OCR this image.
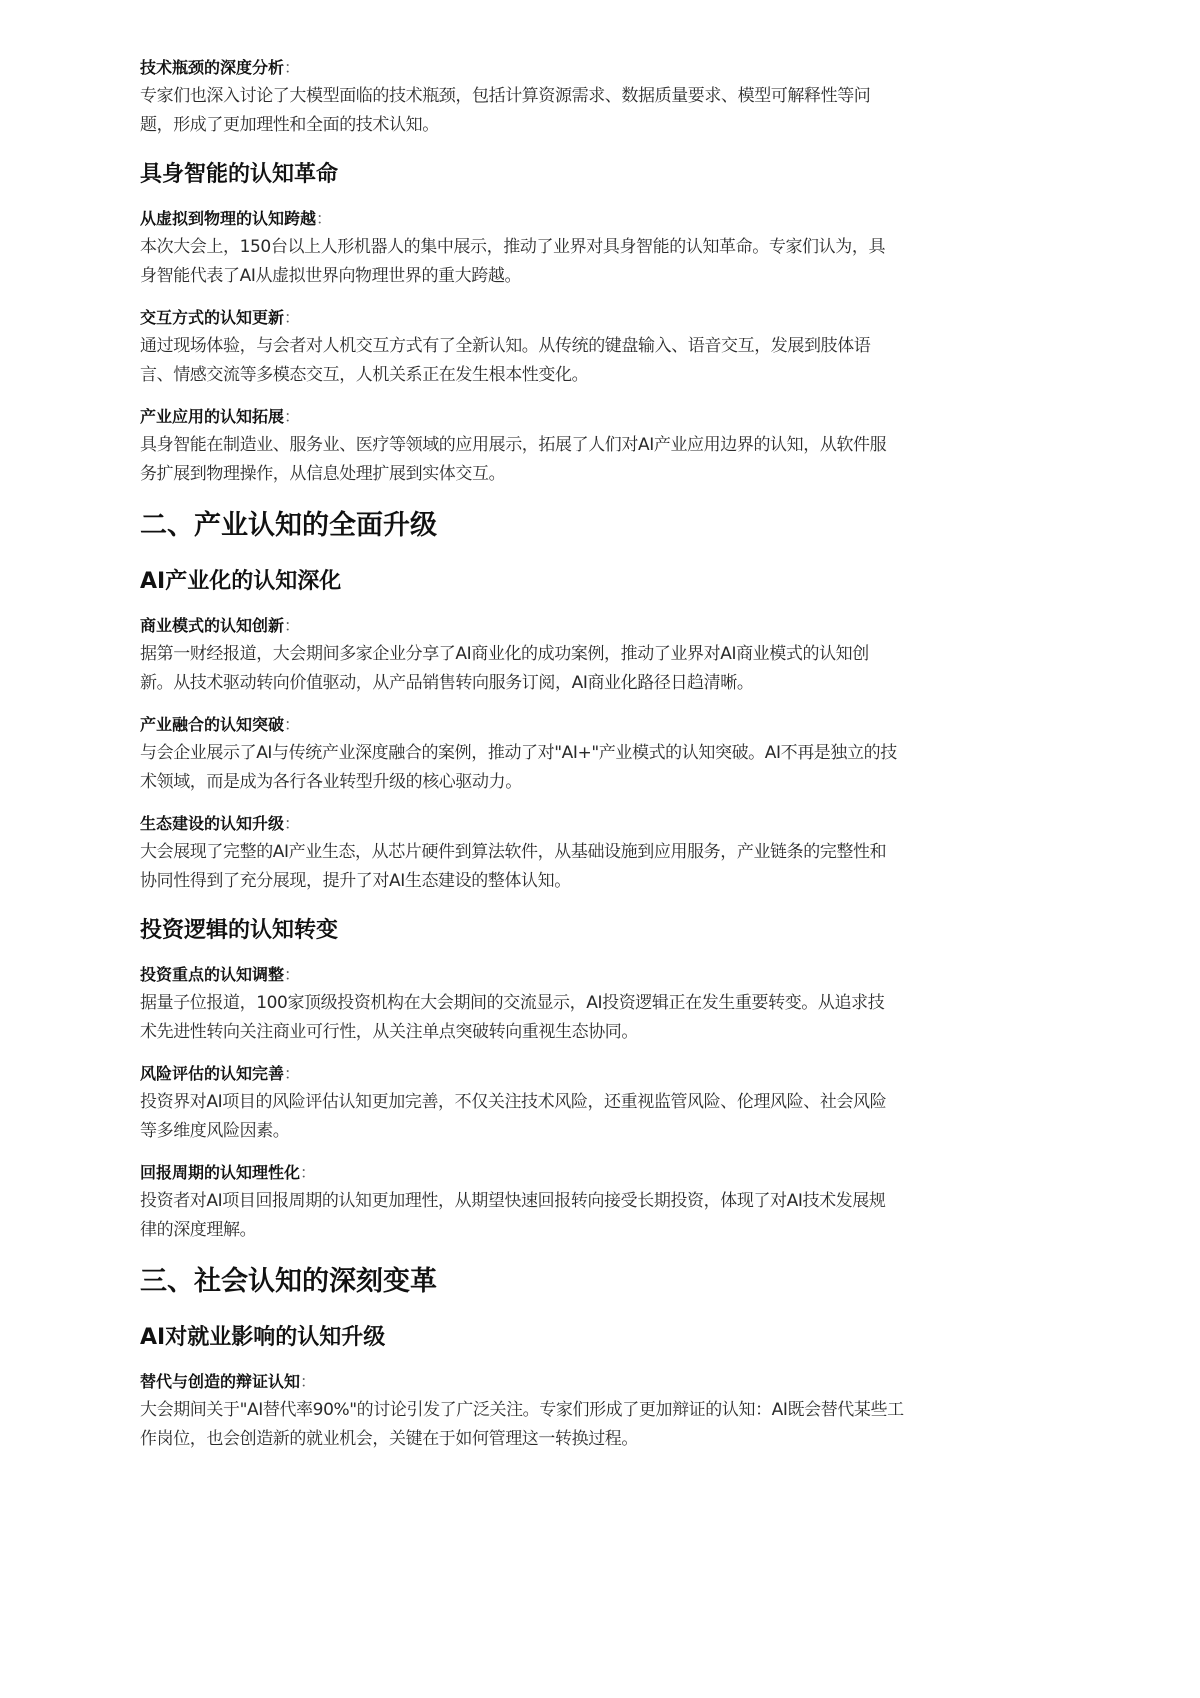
技术瓶颈的深度分析：
专家们也深入讨论了大模型面临的技术瓶颈，包括计算资源需求、数据质量要求、模型可解释性等问
题，形成了更加理性和全面的技术认知。
具身智能的认知革命
从虚拟到物理的认知跨越：
本次大会上，150台以上人形机器人的集中展示，推动了业界对具身智能的认知革命。专家们认为，具
身智能代表了AI从虚拟世界向物理世界的重大跨越。
交互方式的认知更新：
通过现场体验，与会者对人机交互方式有了全新认知。从传统的键盘输入、语音交互，发展到肢体语
言、情感交流等多模态交互，人机关系正在发生根本性变化。
产业应用的认知拓展：
具身智能在制造业、服务业、医疗等领域的应用展示，拓展了人们对AI产业应用边界的认知，从软件服
务扩展到物理操作，从信息处理扩展到实体交互。
二、产业认知的全面升级
AI产业化的认知深化
商业模式的认知创新：
据第一财经报道，大会期间多家企业分享了AI商业化的成功案例，推动了业界对AI商业模式的认知创
新。从技术驱动转向价值驱动，从产品销售转向服务订阅，AI商业化路径日趋清晰。
产业融合的认知突破：
与会企业展示了AI与传统产业深度融合的案例，推动了对"AI+"产业模式的认知突破。AI不再是独立的技
术领域，而是成为各行各业转型升级的核心驱动力。
生态建设的认知升级：
大会展现了完整的AI产业生态，从芯片硬件到算法软件，从基础设施到应用服务，产业链条的完整性和
协同性得到了充分展现，提升了对AI生态建设的整体认知。
投资逻辑的认知转变
投资重点的认知调整：
据量子位报道，100家顶级投资机构在大会期间的交流显示，AI投资逻辑正在发生重要转变。从追求技
术先进性转向关注商业可行性，从关注单点突破转向重视生态协同。
风险评估的认知完善：
投资界对AI项目的风险评估认知更加完善，不仅关注技术风险，还重视监管风险、伦理风险、社会风险
等多维度风险因素。
回报周期的认知理性化：
投资者对AI项目回报周期的认知更加理性，从期望快速回报转向接受长期投资，体现了对AI技术发展规
律的深度理解。
三、社会认知的深刻变革
AI对就业影响的认知升级
替代与创造的辩证认知：
大会期间关于"AI替代率90%"的讨论引发了广泛关注。专家们形成了更加辩证的认知：AI既会替代某些工
作岗位，也会创造新的就业机会，关键在于如何管理这一转换过程。
